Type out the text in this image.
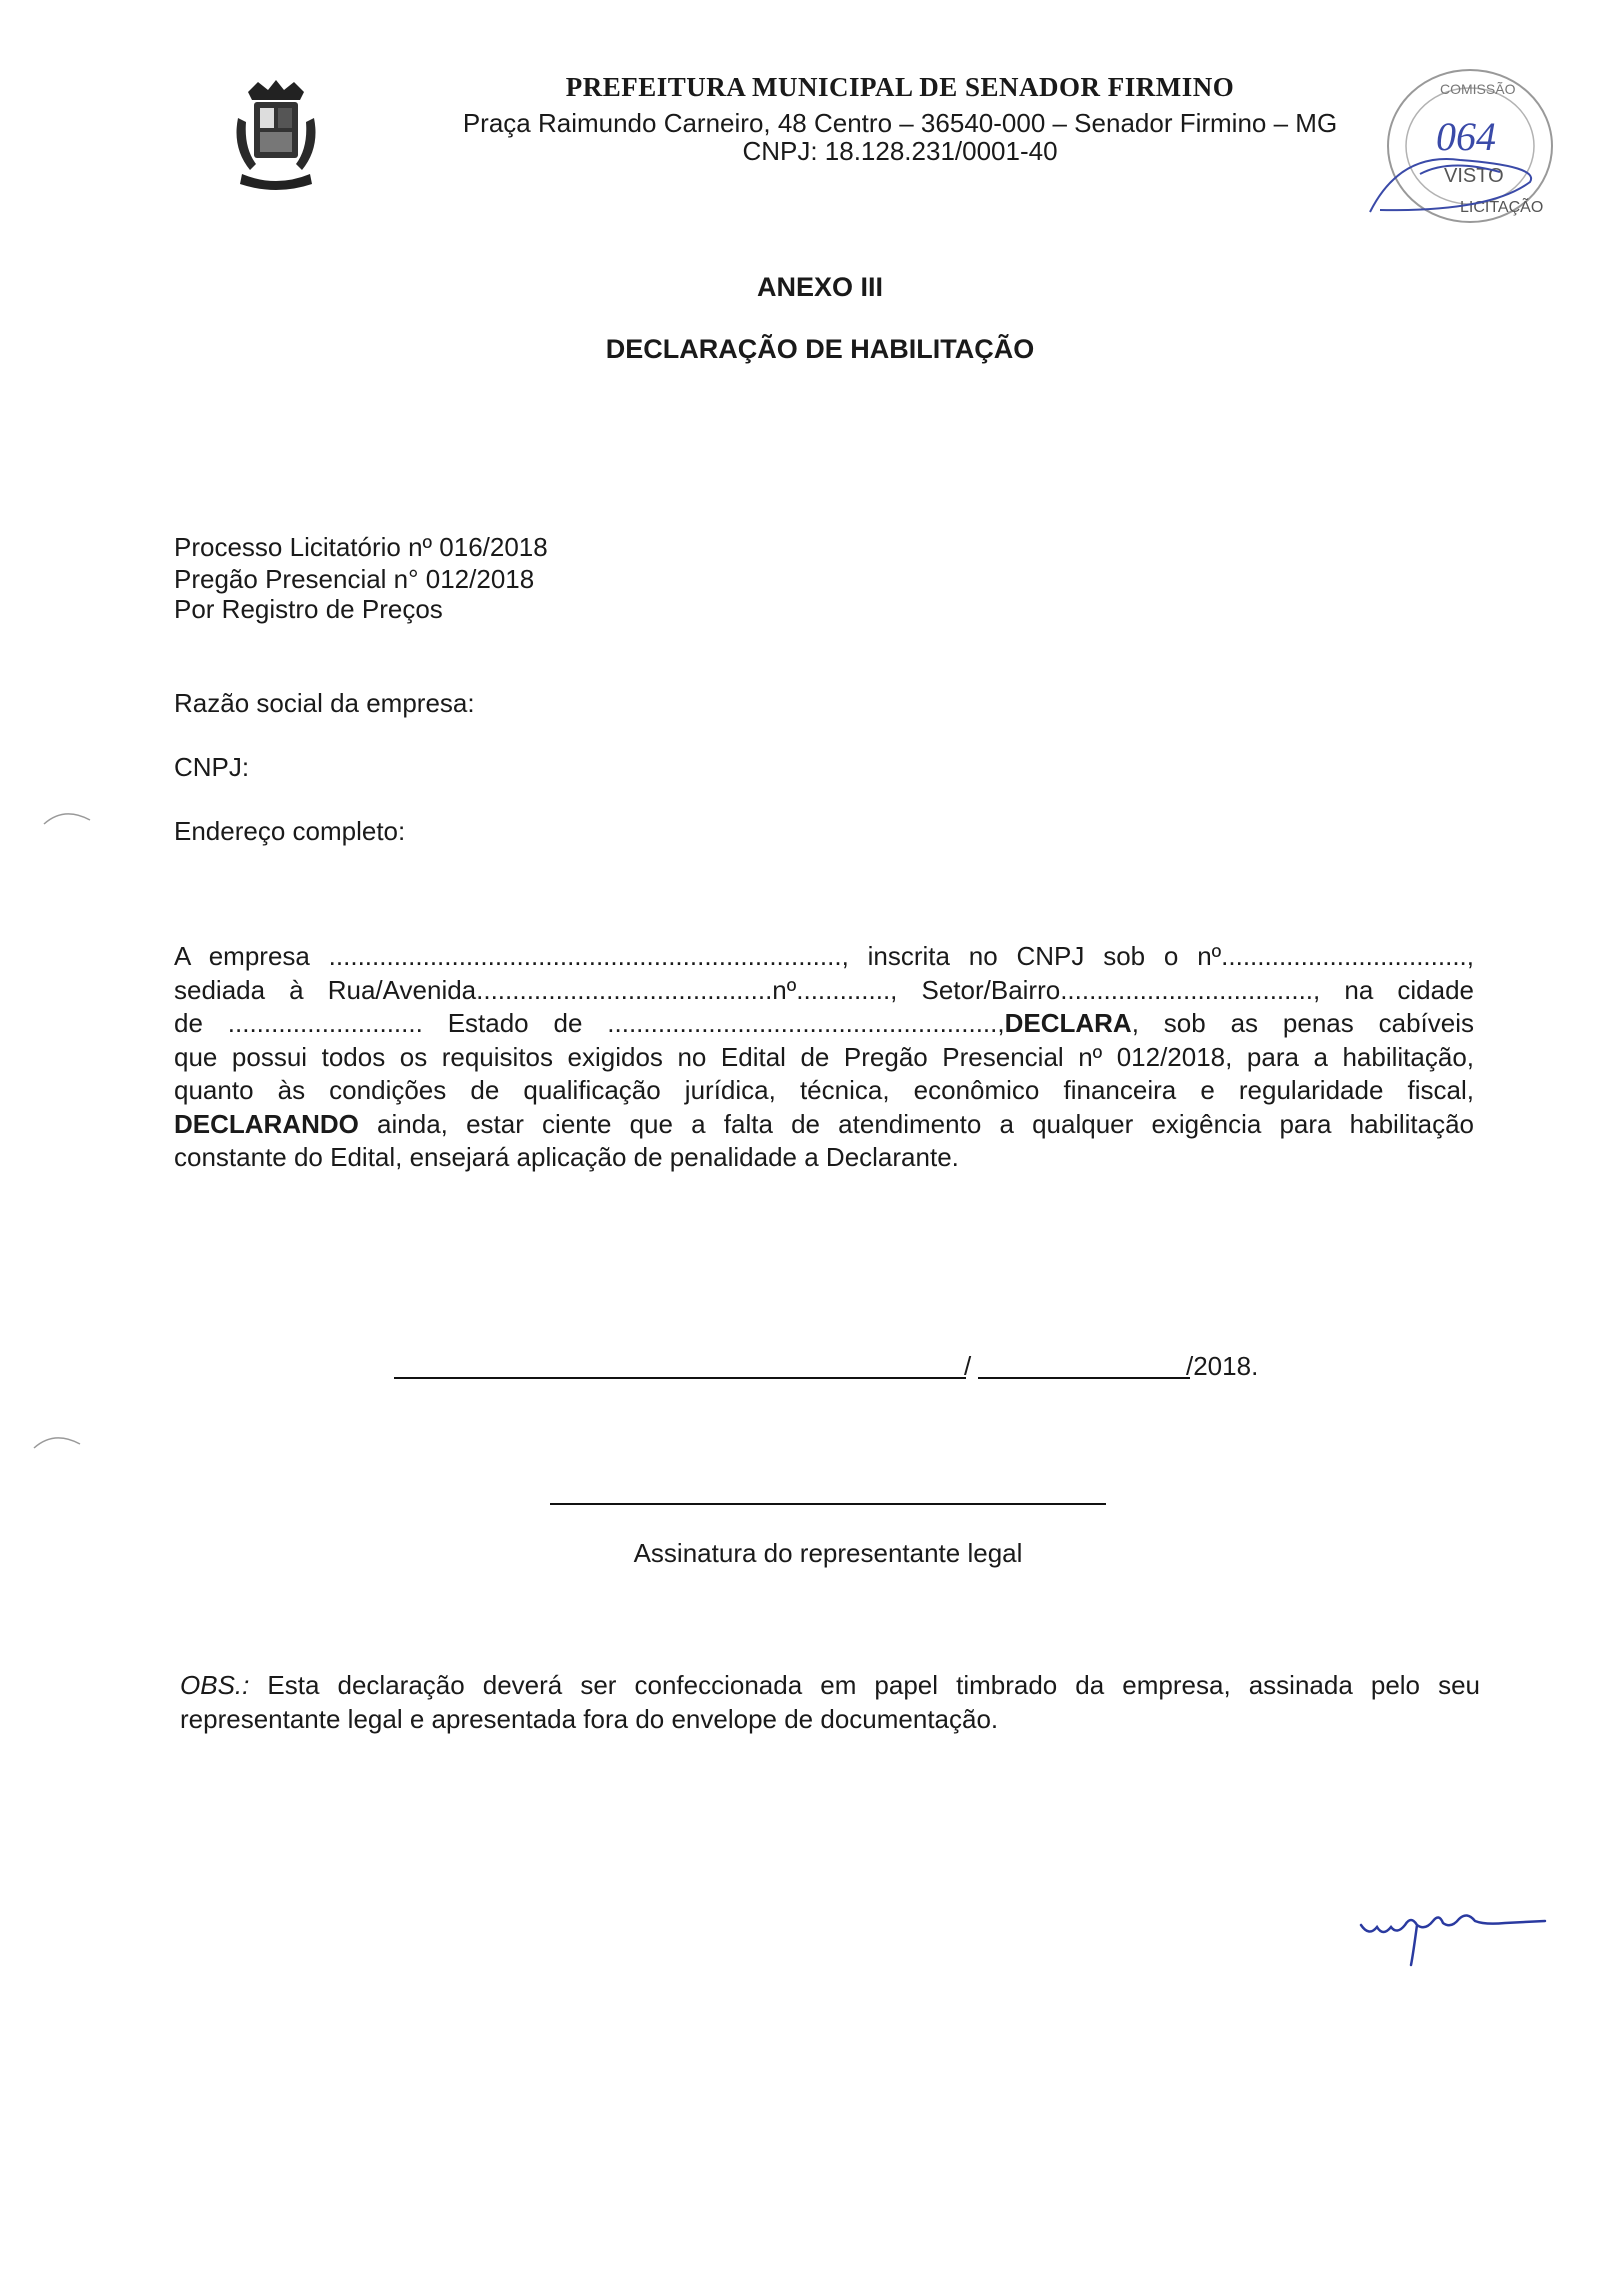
PREFEITURA MUNICIPAL DE SENADOR FIRMINO
Praça Raimundo Carneiro, 48 Centro – 36540-000 – Senador Firmino – MG
CNPJ: 18.128.231/0001-40
COMISSÃO
064
VISTO
LICITAÇÃO
ANEXO III
DECLARAÇÃO DE HABILITAÇÃO
Processo Licitatório nº 016/2018
Pregão Presencial n° 012/2018
Por Registro de Preços
Razão social da empresa:
CNPJ:
Endereço completo:
A empresa ......................................................................., inscrita no CNPJ sob o nº..................................,
sediada à Rua/Avenida.........................................nº............., Setor/Bairro..................................., na cidade
de ........................... Estado de ......................................................,DECLARA, sob as penas cabíveis
que possui todos os requisitos exigidos no Edital de Pregão Presencial nº 012/2018, para a habilitação,
quanto às condições de qualificação jurídica, técnica, econômico financeira e regularidade fiscal,
DECLARANDO ainda, estar ciente que a falta de atendimento a qualquer exigência para habilitação
constante do Edital, ensejará aplicação de penalidade a Declarante.
/	/2018.
Assinatura do representante legal
OBS.: Esta declaração deverá ser confeccionada em papel timbrado da empresa, assinada pelo seu representante legal e apresentada fora do envelope de documentação.
